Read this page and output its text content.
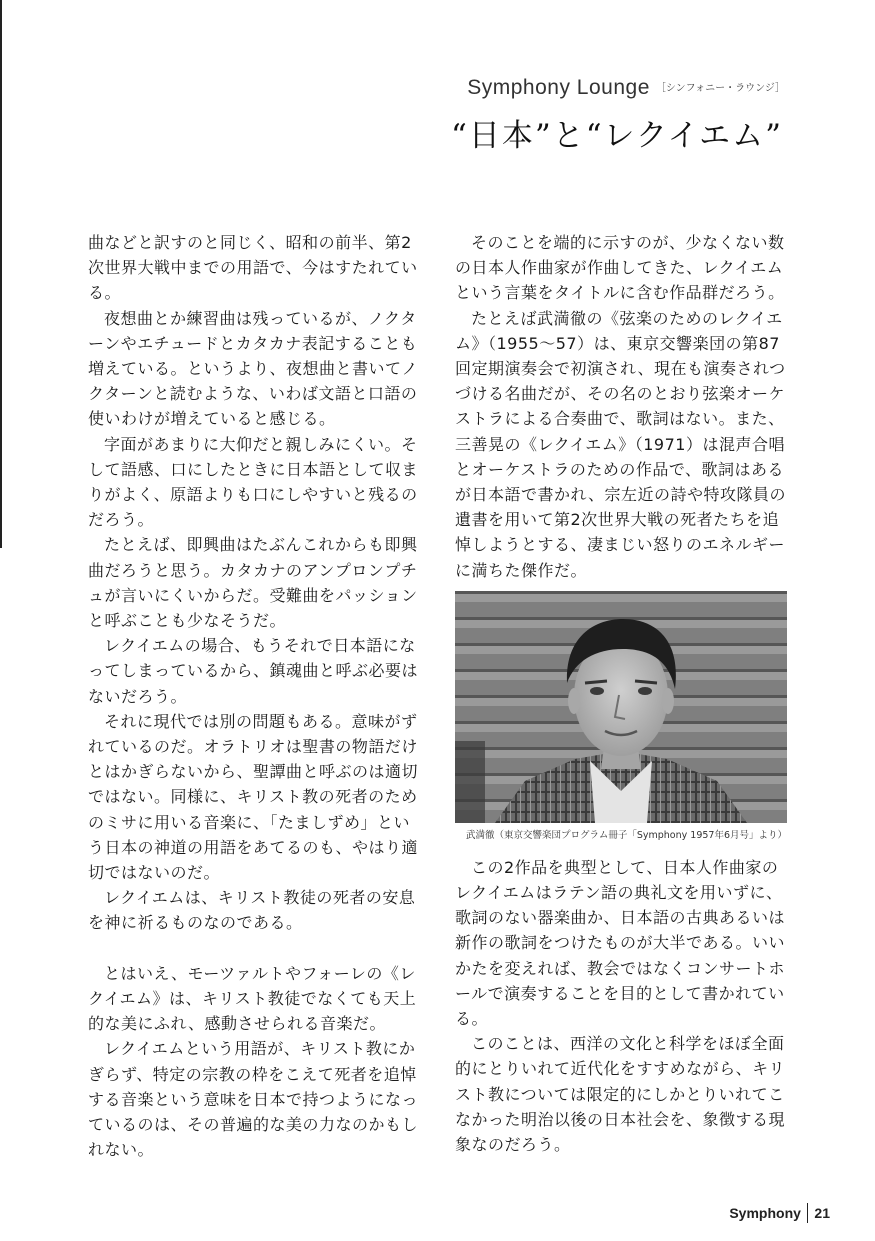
Symphony Lounge $^{[シンフォニー・ラウンジ]}$
“日本”と“レクイエム”

曲などと訳すのと同じく、昭和の前半、第2次世界大戦中までの用語で、今はすたれている。

夜想曲とか練習曲は残っているが、ノクターンやエチュードとカタカナ表記することも増えている。というより、夜想曲と書いてノクターンと読むような、いわば文語と口語の使いわけが増えていると感じる。

字面があまりに大仰だと親しみにくい。そして語感、口にしたときに日本語として収まりがよく、原語よりも口にしやすいと残るのだろう。

たとえば、即興曲はたぶんこれからも即興曲だろうと思う。カタカナのアンプロンプチュが言いにくいからだ。受難曲をパッションと呼ぶことも少なそうだ。

レクイエムの場合、もうそれで日本語になってしまっているから、鎮魂曲と呼ぶ必要はないだろう。

それに現代では別の問題もある。意味がずれているのだ。オラトリオは聖書の物語だけとはかぎらないから、聖譚曲と呼ぶのは適切ではない。同様に、キリスト教の死者のためのミサに用いる音楽に、「たましずめ」という日本の神道の用語をあてるのも、やはり適切ではないのだ。

レクイエムは、キリスト教徒の死者の安息を神に祈るものなのである。

とはいえ、モーツァルトやフォーレの《レクイエム》は、キリスト教徒でなくても天上的な美にふれ、感動させられる音楽だ。

レクイエムという用語が、キリスト教にかぎらず、特定の宗教の枠をこえて死者を追悼する音楽という意味を日本で持つようになっているのは、その普遍的な美の力なのかもしれない。

そのことを端的に示すのが、少なくない数の日本人作曲家が作曲してきた、レクイエムという言葉をタイトルに含む作品群だろう。

たとえば武満徹の《弦楽のためのレクイエム》（1955〜57）は、東京交響楽団の第87回定期演奏会で初演され、現在も演奏されつづける名曲だが、その名のとおり弦楽オーケストラによる合奏曲で、歌詞はない。また、三善晃の《レクイエム》（1971）は混声合唱とオーケストラのための作品で、歌詞はあるが日本語で書かれ、宗左近の詩や特攻隊員の遺書を用いて第2次世界大戦の死者たちを追悼しようとする、凄まじい怒りのエネルギーに満ちた傑作だ。

武満徹（東京交響楽団プログラム冊子「Symphony 1957年6月号」より）

この2作品を典型として、日本人作曲家のレクイエムはラテン語の典礼文を用いずに、歌詞のない器楽曲か、日本語の古典あるいは新作の歌詞をつけたものが大半である。いいかたを変えれば、教会ではなくコンサートホールで演奏することを目的として書かれている。

このことは、西洋の文化と科学をほぼ全面的にとりいれて近代化をすすめながら、キリスト教については限定的にしかとりいれてこなかった明治以後の日本社会を、象徴する現象なのだろう。

Symphony 21
